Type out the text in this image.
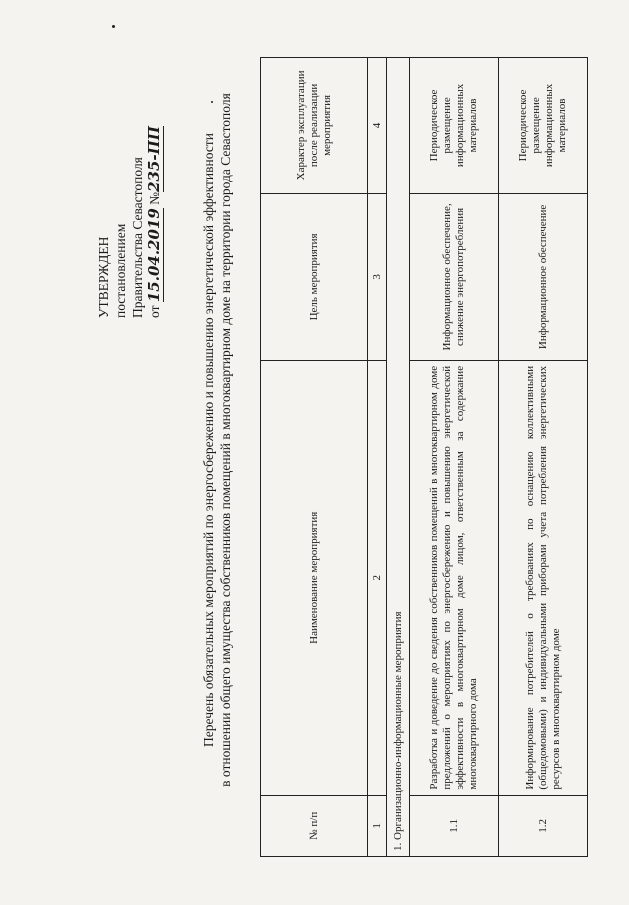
УТВЕРЖДЕН постановлением Правительства Севастополя от 15.04.2019 №235-ПП	Перечень обязательных мероприятий по энергосбережению и повышению энергетической эффективности в отношении общего имущества собственников помещений в многоквартирном доме на территории города Севастополя
№ п/п	Наименование мероприятия	Цель мероприятия	Характер эксплуатации после реализации мероприятия
1	2	3	4
1. Организационно-информационные мероприятия			
1.1	Разработка и доведение до сведения собственников помещений в многоквартирном доме предложений о мероприятиях по энергосбережению и повышению энергетической эффективности в многоквартирном доме лицом, ответственным за содержание многоквартирного дома	Информационное обеспечение, снижение энергопотребления	Периодическое размещение информационных материалов
1.2	Информирование потребителей о требованиях по оснащению коллективными (общедомовыми) и индивидуальными приборами учета потребления энергетических ресурсов в многоквартирном доме	Информационное обеспечение	Периодическое размещение информационных материалов
